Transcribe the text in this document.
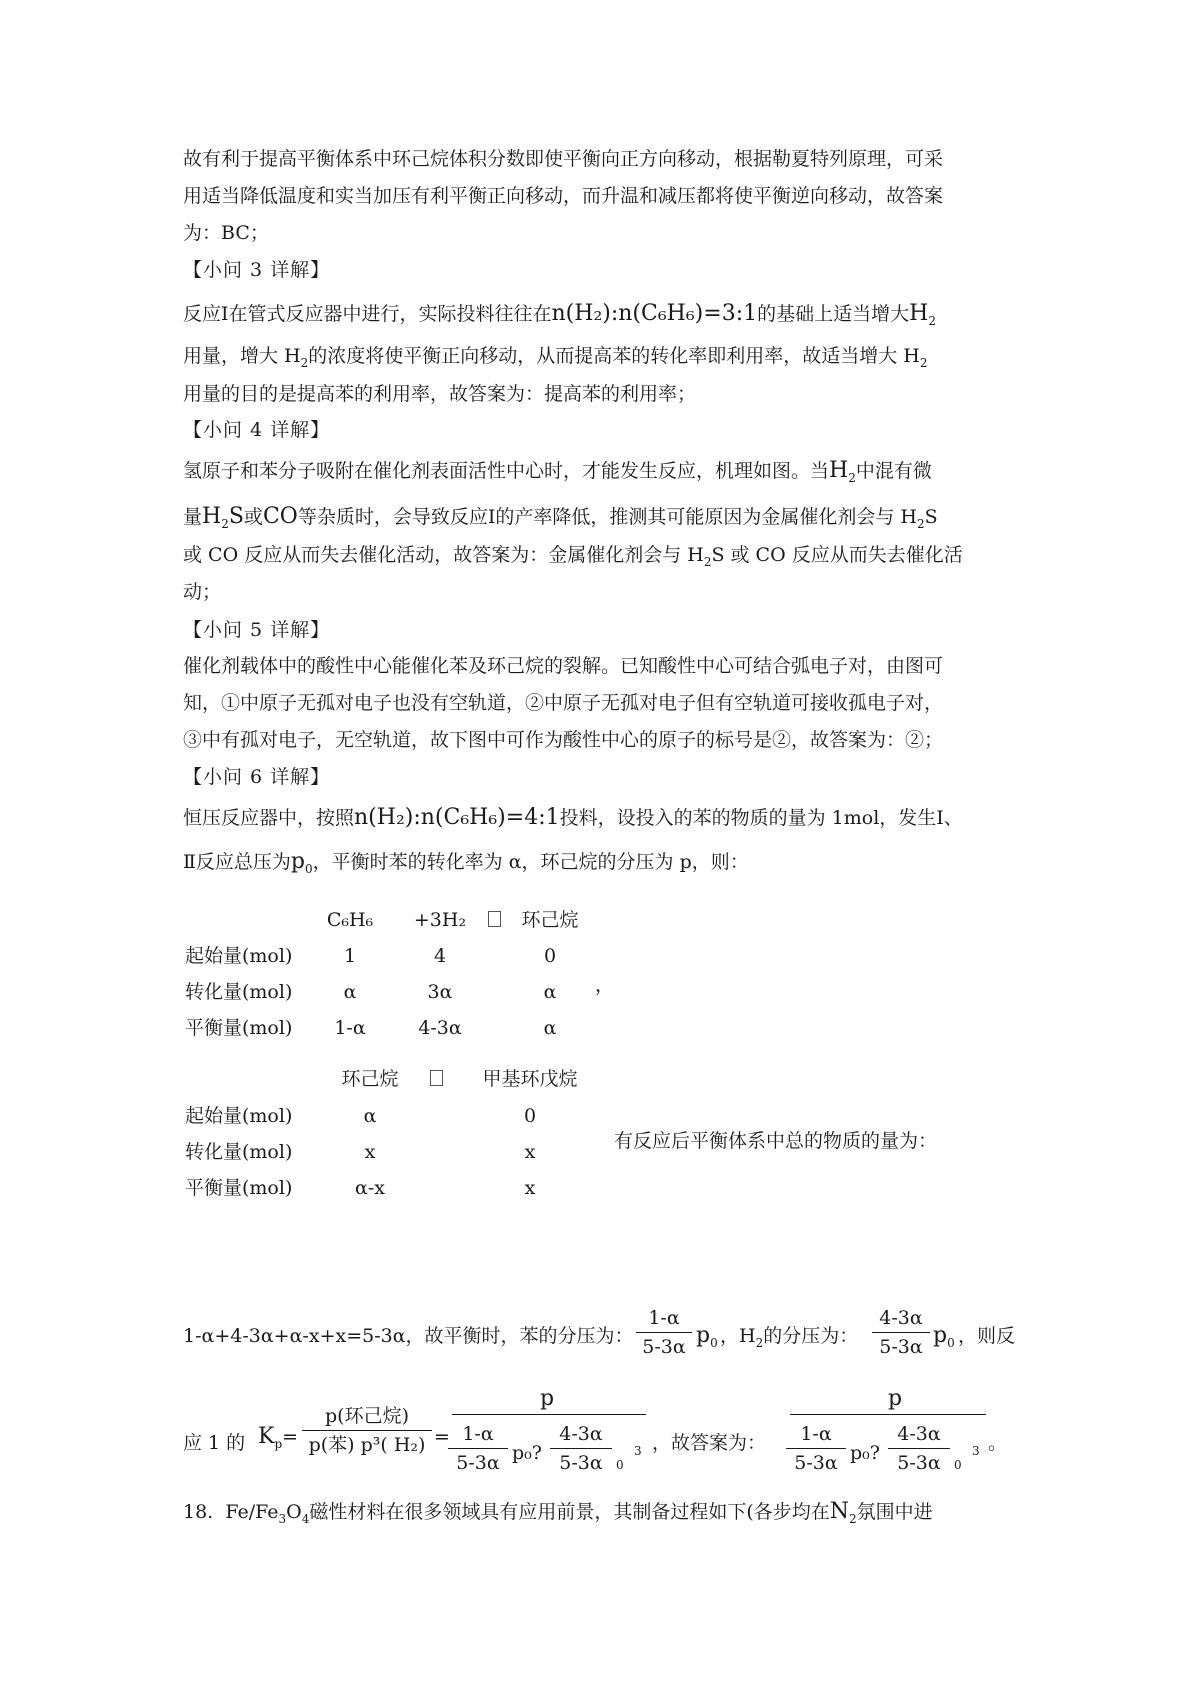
故有利于提高平衡体系中环己烷体积分数即使平衡向正方向移动，根据勒夏特列原理，可采
用适当降低温度和实当加压有利平衡正向移动，而升温和减压都将使平衡逆向移动，故答案
为：BC；
【小问 3 详解】
反应Ⅰ在管式反应器中进行，实际投料往往在n(H₂):n(C₆H₆)=3:1的基础上适当增大$H_2$
用量，增大 $H_2$的浓度将使平衡正向移动，从而提高苯的转化率即利用率，故适当增大 $H_2$
用量的目的是提高苯的利用率，故答案为：提高苯的利用率；
【小问 4 详解】
氢原子和苯分子吸附在催化剂表面活性中心时，才能发生反应，机理如图。当$H_2$中混有微
量$H_2S$或CO等杂质时，会导致反应Ⅰ的产率降低，推测其可能原因为金属催化剂会与 $H_2S$
或 CO 反应从而失去催化活动，故答案为：金属催化剂会与 $H_2S$ 或 CO 反应从而失去催化活
动；
【小问 5 详解】
催化剂载体中的酸性中心能催化苯及环己烷的裂解。已知酸性中心可结合弧电子对，由图可
知，①中原子无孤对电子也没有空轨道，②中原子无孤对电子但有空轨道可接收孤电子对，
③中有孤对电子，无空轨道，故下图中可作为酸性中心的原子的标号是②，故答案为：②；
【小问 6 详解】
恒压反应器中，按照n(H₂):n(C₆H₆)=4:1投料，设投入的苯的物质的量为 1mol，发生Ⅰ、
Ⅱ反应总压为$p_0$，平衡时苯的转化率为 α，环己烷的分压为 p，则：
C₆H₆	+3H₂	环己烷
起始量(mol)	1	4	0
转化量(mol)	α	3α	α
平衡量(mol)	1-α	4-3α	α
，
环己烷	甲基环戊烷
起始量(mol)	α	0
转化量(mol)	x	x
平衡量(mol)	α-x	x
有反应后平衡体系中总的物质的量为：
1-α+4-3α+α-x+x=5-3α，故平衡时，苯的分压为： $\frac{1-\alpha}{5-3\alpha} p_0$ ，$H_2$的分压为： $\frac{4-3\alpha}{5-3\alpha} p_0$ ，则反
应 1 的 $K_p=$
p(环己烷)
p(苯) p³( H₂) =
p
$\frac{1-\alpha}{5-3\alpha} p_0$? $\frac{4-3\alpha}{5-3\alpha} 0$
3 ，故答案为：
p
$\frac{1-\alpha}{5-3\alpha} p_0$? $\frac{4-3\alpha}{5-3\alpha} 0$
3 。
18. $Fe/Fe_3O_4$磁性材料在很多领域具有应用前景，其制备过程如下(各步均在$N_2$氛围中进
